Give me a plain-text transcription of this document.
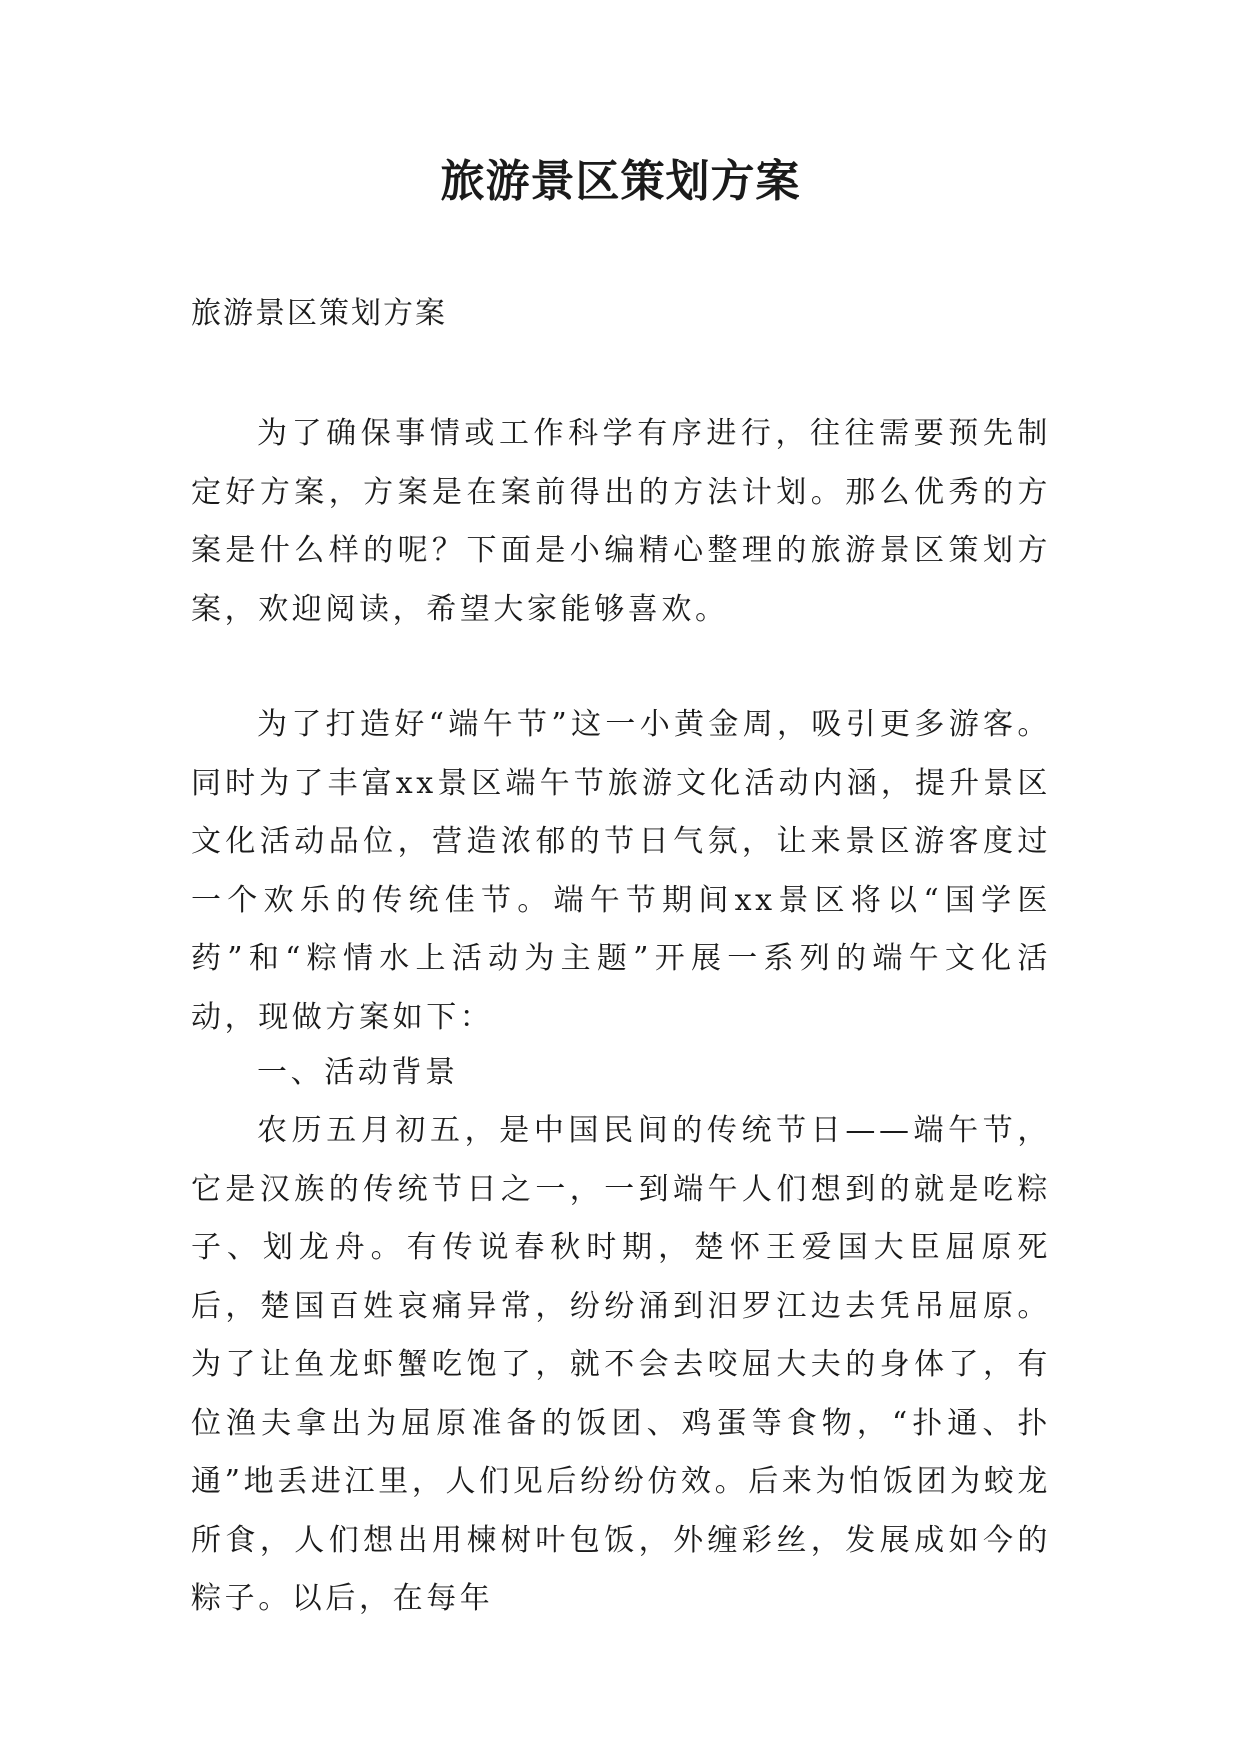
旅游景区策划方案
旅游景区策划方案

为了确保事情或工作科学有序进行，往往需要预先制定好方案，方案是在案前得出的方法计划。那么优秀的方案是什么样的呢？下面是小编精心整理的旅游景区策划方案，欢迎阅读，希望大家能够喜欢。

为了打造好“端午节”这一小黄金周，吸引更多游客。同时为了丰富xx景区端午节旅游文化活动内涵，提升景区文化活动品位，营造浓郁的节日气氛，让来景区游客度过一个欢乐的传统佳节。端午节期间xx景区将以“国学医药”和“粽情水上活动为主题”开展一系列的端午文化活动，现做方案如下：

一、活动背景

农历五月初五，是中国民间的传统节日——端午节，它是汉族的传统节日之一，一到端午人们想到的就是吃粽子、划龙舟。有传说春秋时期，楚怀王爱国大臣屈原死后，楚国百姓哀痛异常，纷纷涌到汨罗江边去凭吊屈原。为了让鱼龙虾蟹吃饱了，就不会去咬屈大夫的身体了，有位渔夫拿出为屈原准备的饭团、鸡蛋等食物，“扑通、扑通”地丢进江里，人们见后纷纷仿效。后来为怕饭团为蛟龙所食，人们想出用楝树叶包饭，外缠彩丝，发展成如今的粽子。以后，在每年
